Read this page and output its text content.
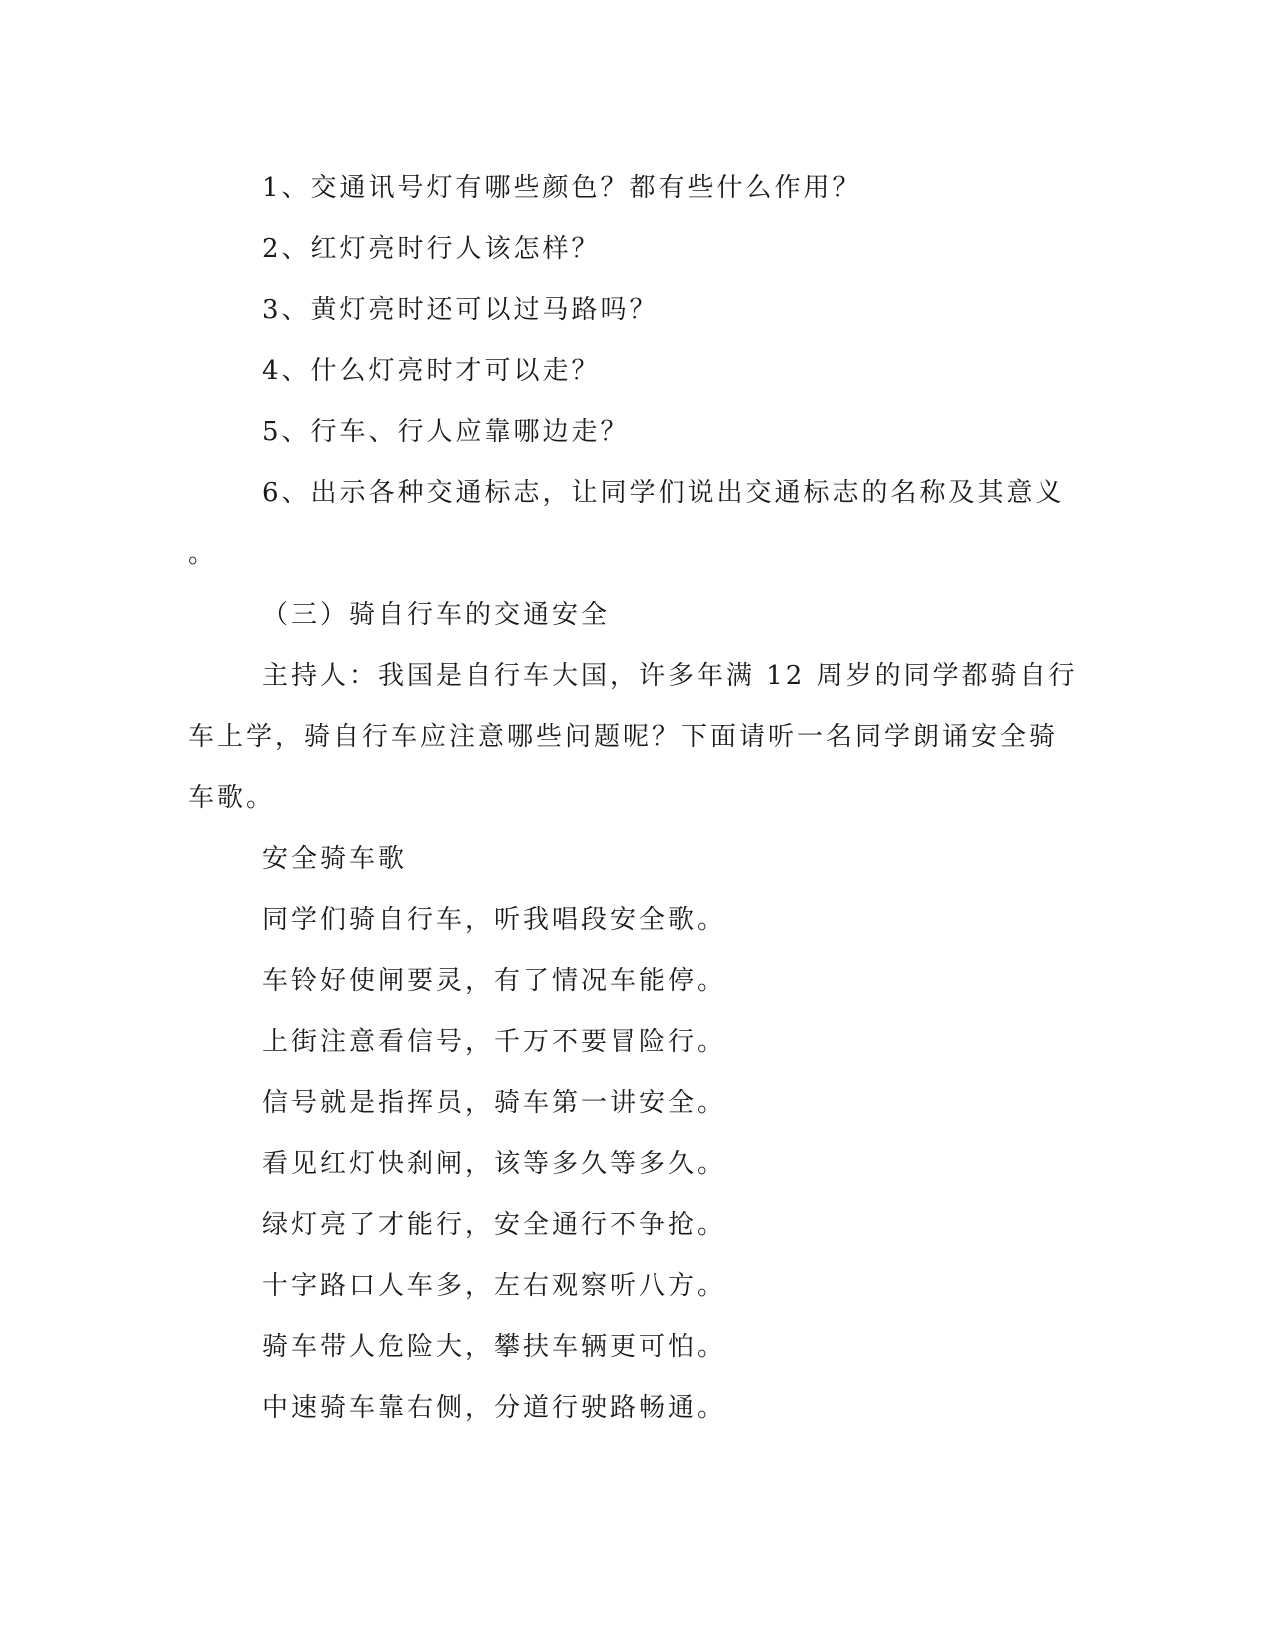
1、交通讯号灯有哪些颜色？都有些什么作用？
2、红灯亮时行人该怎样？
3、黄灯亮时还可以过马路吗？
4、什么灯亮时才可以走？
5、行车、行人应靠哪边走？
6、出示各种交通标志，让同学们说出交通标志的名称及其意义
。
（三）骑自行车的交通安全
主持人：我国是自行车大国，许多年满 12 周岁的同学都骑自行
车上学，骑自行车应注意哪些问题呢？下面请听一名同学朗诵安全骑
车歌。
安全骑车歌
同学们骑自行车，听我唱段安全歌。
车铃好使闸要灵，有了情况车能停。
上街注意看信号，千万不要冒险行。
信号就是指挥员，骑车第一讲安全。
看见红灯快刹闸，该等多久等多久。
绿灯亮了才能行，安全通行不争抢。
十字路口人车多，左右观察听八方。
骑车带人危险大，攀扶车辆更可怕。
中速骑车靠右侧，分道行驶路畅通。
